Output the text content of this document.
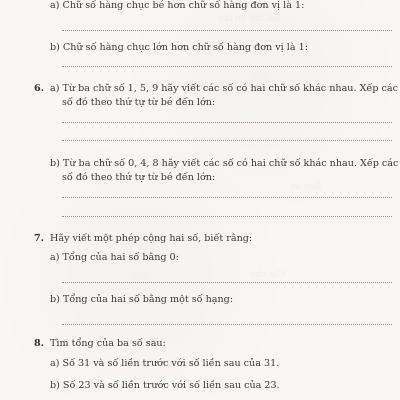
a) Chữ số hàng chục bé hơn chữ số hàng đơn vị là 1:
b) Chữ số hàng chục lớn hơn chữ số hàng đơn vị là 1:
6. a) Từ ba chữ số 1, 5, 9 hãy viết các số có hai chữ số khác nhau. Xếp các
số đó theo thứ tự từ bé đến lớn:
b) Từ ba chữ số 0, 4, 8 hãy viết các số có hai chữ số khác nhau. Xếp các
số đó theo thứ tự từ bé đến lớn:
7. Hãy viết một phép cộng hai số, biết rằng:
a) Tổng của hai số bằng 0:
b) Tổng của hai số bằng một số hạng:
8. Tìm tổng của ba số sau:
a) Số 31 và số liền trước với số liền sau của 31.
b) Số 23 và số liền trước với số liền sau của 23.
